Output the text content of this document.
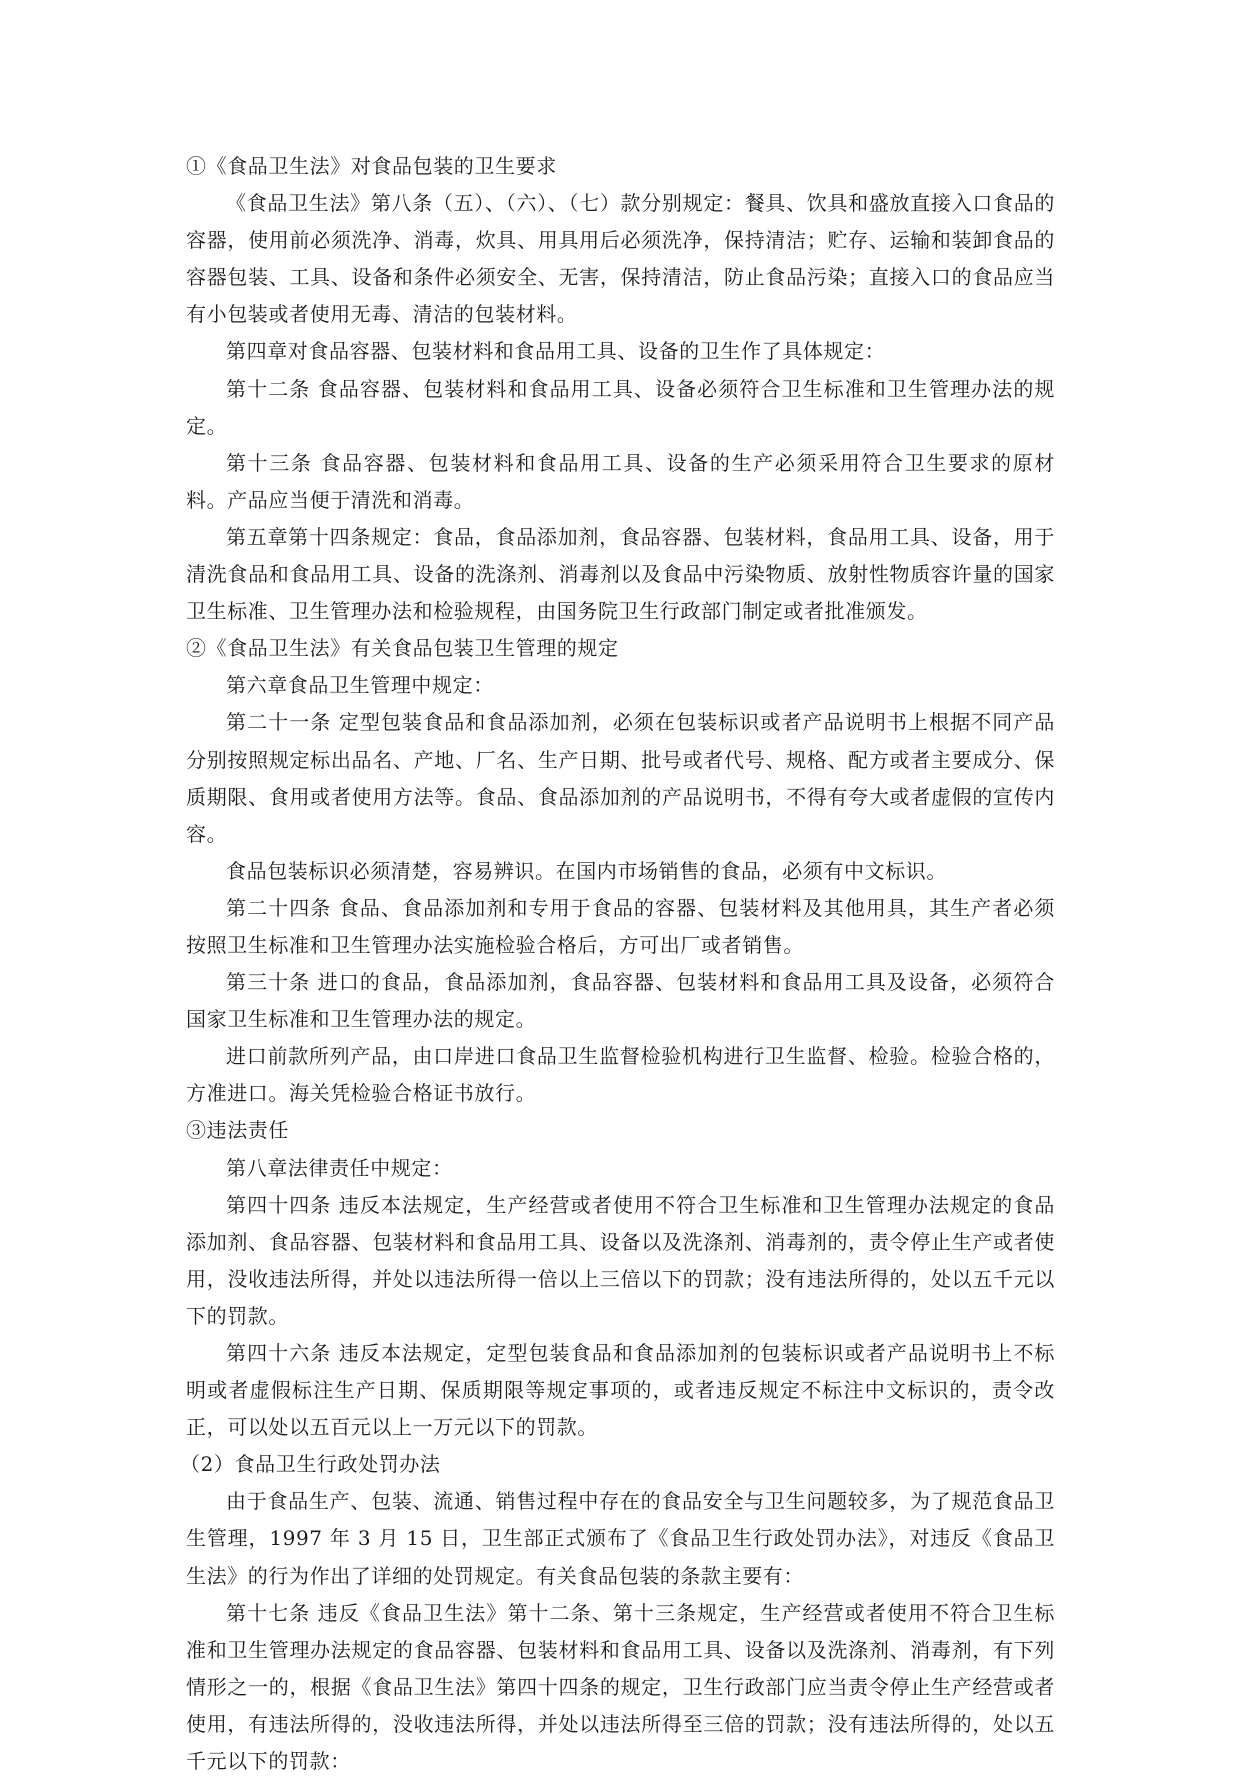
①《食品卫生法》对食品包装的卫生要求

《食品卫生法》第八条（五）、（六）、（七）款分别规定：餐具、饮具和盛放直接入口食品的容器，使用前必须洗净、消毒，炊具、用具用后必须洗净，保持清洁；贮存、运输和装卸食品的容器包装、工具、设备和条件必须安全、无害，保持清洁，防止食品污染；直接入口的食品应当有小包装或者使用无毒、清洁的包装材料。

第四章对食品容器、包装材料和食品用工具、设备的卫生作了具体规定：

第十二条 食品容器、包装材料和食品用工具、设备必须符合卫生标准和卫生管理办法的规定。

第十三条 食品容器、包装材料和食品用工具、设备的生产必须采用符合卫生要求的原材料。产品应当便于清洗和消毒。

第五章第十四条规定：食品，食品添加剂，食品容器、包装材料，食品用工具、设备，用于清洗食品和食品用工具、设备的洗涤剂、消毒剂以及食品中污染物质、放射性物质容许量的国家卫生标准、卫生管理办法和检验规程，由国务院卫生行政部门制定或者批准颁发。

②《食品卫生法》有关食品包装卫生管理的规定

第六章食品卫生管理中规定：

第二十一条 定型包装食品和食品添加剂，必须在包装标识或者产品说明书上根据不同产品分别按照规定标出品名、产地、厂名、生产日期、批号或者代号、规格、配方或者主要成分、保质期限、食用或者使用方法等。食品、食品添加剂的产品说明书，不得有夸大或者虚假的宣传内容。

食品包装标识必须清楚，容易辨识。在国内市场销售的食品，必须有中文标识。

第二十四条 食品、食品添加剂和专用于食品的容器、包装材料及其他用具，其生产者必须按照卫生标准和卫生管理办法实施检验合格后，方可出厂或者销售。

第三十条 进口的食品，食品添加剂，食品容器、包装材料和食品用工具及设备，必须符合国家卫生标准和卫生管理办法的规定。

进口前款所列产品，由口岸进口食品卫生监督检验机构进行卫生监督、检验。检验合格的，方准进口。海关凭检验合格证书放行。

③违法责任

第八章法律责任中规定：

第四十四条 违反本法规定，生产经营或者使用不符合卫生标准和卫生管理办法规定的食品添加剂、食品容器、包装材料和食品用工具、设备以及洗涤剂、消毒剂的，责令停止生产或者使用，没收违法所得，并处以违法所得一倍以上三倍以下的罚款；没有违法所得的，处以五千元以下的罚款。

第四十六条 违反本法规定，定型包装食品和食品添加剂的包装标识或者产品说明书上不标明或者虚假标注生产日期、保质期限等规定事项的，或者违反规定不标注中文标识的，责令改正，可以处以五百元以上一万元以下的罚款。

（2）食品卫生行政处罚办法

由于食品生产、包装、流通、销售过程中存在的食品安全与卫生问题较多，为了规范食品卫生管理，1997 年 3 月 15 日，卫生部正式颁布了《食品卫生行政处罚办法》，对违反《食品卫生法》的行为作出了详细的处罚规定。有关食品包装的条款主要有：

第十七条 违反《食品卫生法》第十二条、第十三条规定，生产经营或者使用不符合卫生标准和卫生管理办法规定的食品容器、包装材料和食品用工具、设备以及洗涤剂、消毒剂，有下列情形之一的，根据《食品卫生法》第四十四条的规定，卫生行政部门应当责令停止生产经营或者使用，有违法所得的，没收违法所得，并处以违法所得至三倍的罚款；没有违法所得的，处以五千元以下的罚款：
